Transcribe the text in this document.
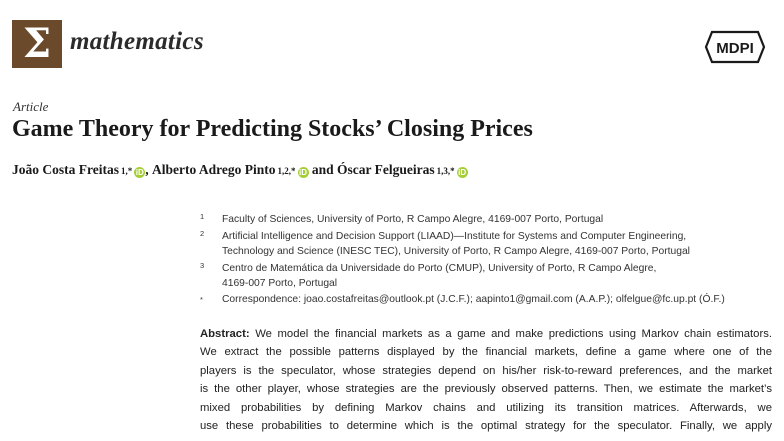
Σ mathematics	MDPI
Article
Game Theory for Predicting Stocks’ Closing Prices
João Costa Freitas 1,* iD ,
Alberto Adrego Pinto 1,2,* iD
and
Óscar Felgueiras 1,3,* iD
1 Faculty of Sciences, University of Porto, R Campo Alegre, 4169-007 Porto, Portugal
2 Artificial Intelligence and Decision Support (LIAAD)—Institute for Systems and Computer Engineering,
Technology and Science (INESC TEC), University of Porto, R Campo Alegre, 4169-007 Porto, Portugal
3 Centro de Matemática da Universidade do Porto (CMUP), University of Porto, R Campo Alegre,
4169-007 Porto, Portugal
* Correspondence: joao.costafreitas@outlook.pt (J.C.F.); aapinto1@gmail.com (A.A.P.); olfelgue@fc.up.pt (Ó.F.)
Abstract: We model the financial markets as a game and make predictions using Markov chain estimators.
We extract the possible patterns displayed by the financial markets, define a game where one of the
players is the speculator, whose strategies depend on his/her risk-to-reward preferences, and the market
is the other player, whose strategies are the previously observed patterns. Then, we estimate the market’s
mixed probabilities by defining Markov chains and utilizing its transition matrices. Afterwards, we
use these probabilities to determine which is the optimal strategy for the speculator. Finally, we apply
